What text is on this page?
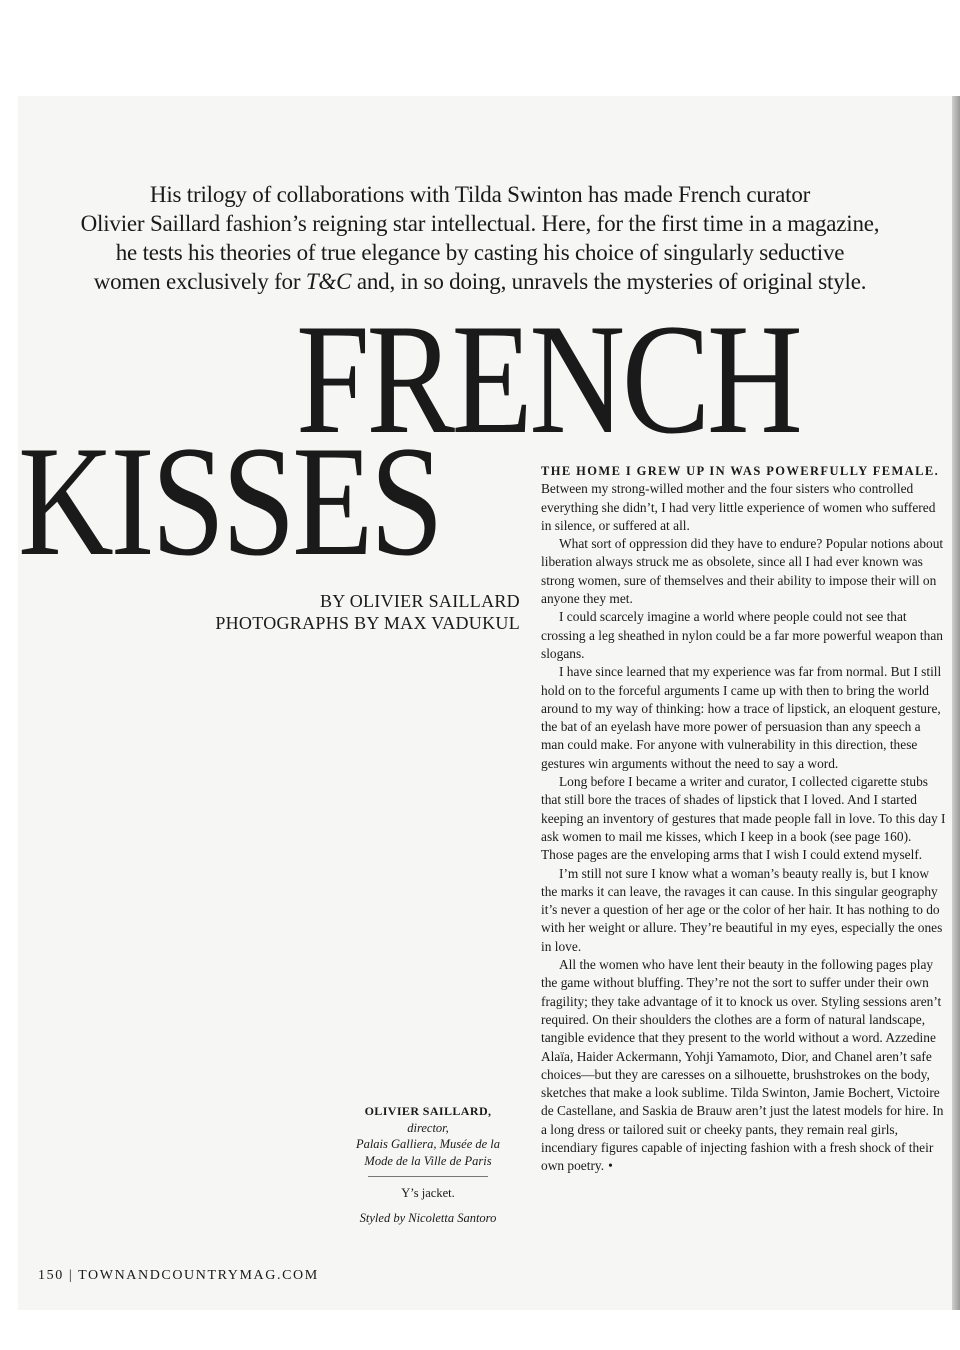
His trilogy of collaborations with Tilda Swinton has made French curator
Olivier Saillard fashion’s reigning star intellectual. Here, for the first time in a magazine,
he tests his theories of true elegance by casting his choice of singularly seductive
women exclusively for T&C and, in so doing, unravels the mysteries of original style.
FRENCH
KISSES
BY OLIVIER SAILLARD
PHOTOGRAPHS BY MAX VADUKUL

THE HOME I GREW UP IN WAS POWERFULLY FEMALE. Between my strong-willed mother and the four sisters who controlled everything she didn’t, I had very little experience of women who suffered in silence, or suffered at all.

What sort of oppression did they have to endure? Popular notions about liberation always struck me as obsolete, since all I had ever known was strong women, sure of themselves and their ability to impose their will on anyone they met.

I could scarcely imagine a world where people could not see that crossing a leg sheathed in nylon could be a far more powerful weapon than slogans.

I have since learned that my experience was far from normal. But I still hold on to the forceful arguments I came up with then to bring the world around to my way of thinking: how a trace of lipstick, an eloquent gesture, the bat of an eyelash have more power of persuasion than any speech a man could make. For anyone with vulnerability in this direction, these gestures win arguments without the need to say a word.

Long before I became a writer and curator, I collected cigarette stubs that still bore the traces of shades of lipstick that I loved. And I started keeping an inventory of gestures that made people fall in love. To this day I ask women to mail me kisses, which I keep in a book (see page 160). Those pages are the enveloping arms that I wish I could extend myself.

I’m still not sure I know what a woman’s beauty really is, but I know the marks it can leave, the ravages it can cause. In this singular geography it’s never a question of her age or the color of her hair. It has nothing to do with her weight or allure. They’re beautiful in my eyes, especially the ones in love.

All the women who have lent their beauty in the following pages play the game without bluffing. They’re not the sort to suffer under their own fragility; they take advantage of it to knock us over. Styling sessions aren’t required. On their shoulders the clothes are a form of natural landscape, tangible evidence that they present to the world without a word. Azzedine Alaïa, Haider Ackermann, Yohji Yamamoto, Dior, and Chanel aren’t safe choices—but they are caresses on a silhouette, brushstrokes on the body, sketches that make a look sublime. Tilda Swinton, Jamie Bochert, Victoire de Castellane, and Saskia de Brauw aren’t just the latest models for hire. In a long dress or tailored suit or cheeky pants, they remain real girls, incendiary figures capable of injecting fashion with a fresh shock of their own poetry. •

OLIVIER SAILLARD,
director,
Palais Galliera, Musée de la
Mode de la Ville de Paris
Y’s jacket.
Styled by Nicoletta Santoro
150 | TOWNANDCOUNTRYMAG.COM
